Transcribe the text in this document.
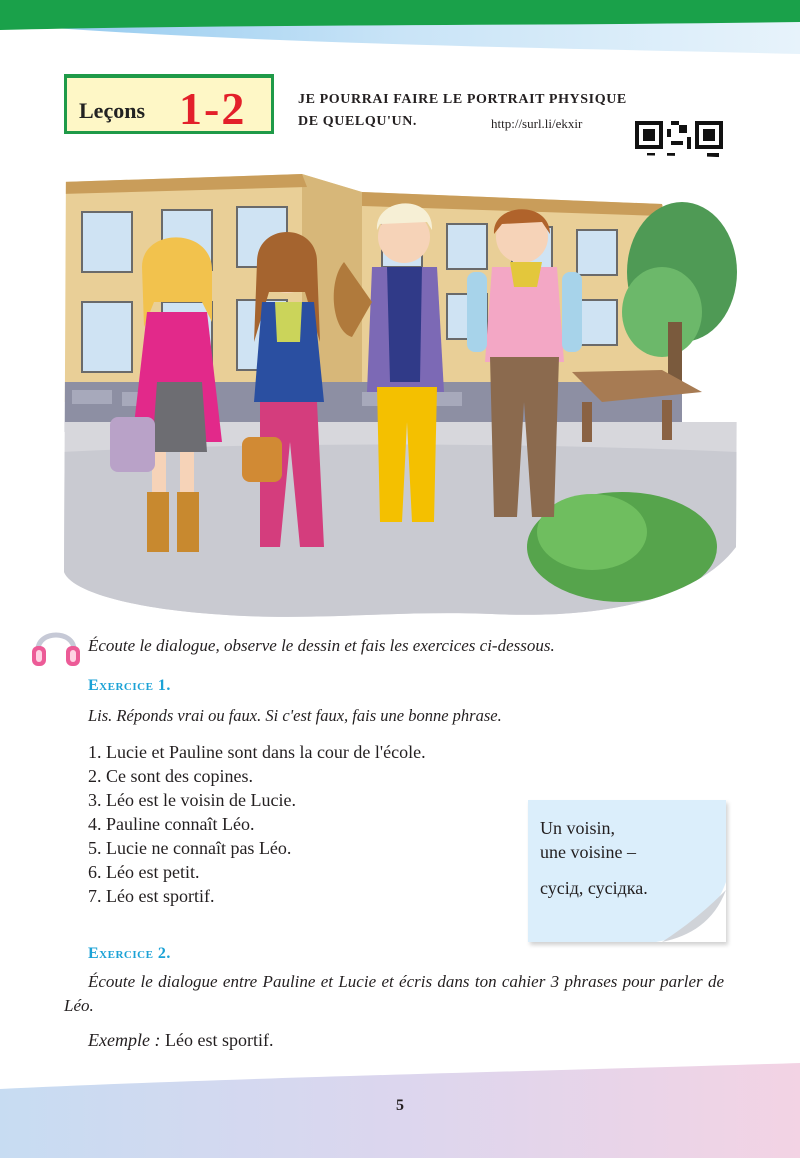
Leçons 1-2	JE POURRAI FAIRE LE PORTRAIT PHYSIQUE
DE QUELQU'UN.	http://surl.li/ekxir
Écoute le dialogue, observe le dessin et fais les exercices ci-dessous.
Exercice 1.
Lis. Réponds vrai ou faux. Si c'est faux, fais une bonne phrase.
1. Lucie et Pauline sont dans la cour de l'école.
2. Ce sont des copines.
3. Léo est le voisin de Lucie.
4. Pauline connaît Léo.
5. Lucie ne connaît pas Léo.
6. Léo est petit.
7. Léo est sportif.
Un voisin,
une voisine –
сусід, сусідка.
Exercice 2.
Écoute le dialogue entre Pauline et Lucie et écris dans ton cahier 3 phrases pour parler de Léo.
Exemple : Léo est sportif.
5
